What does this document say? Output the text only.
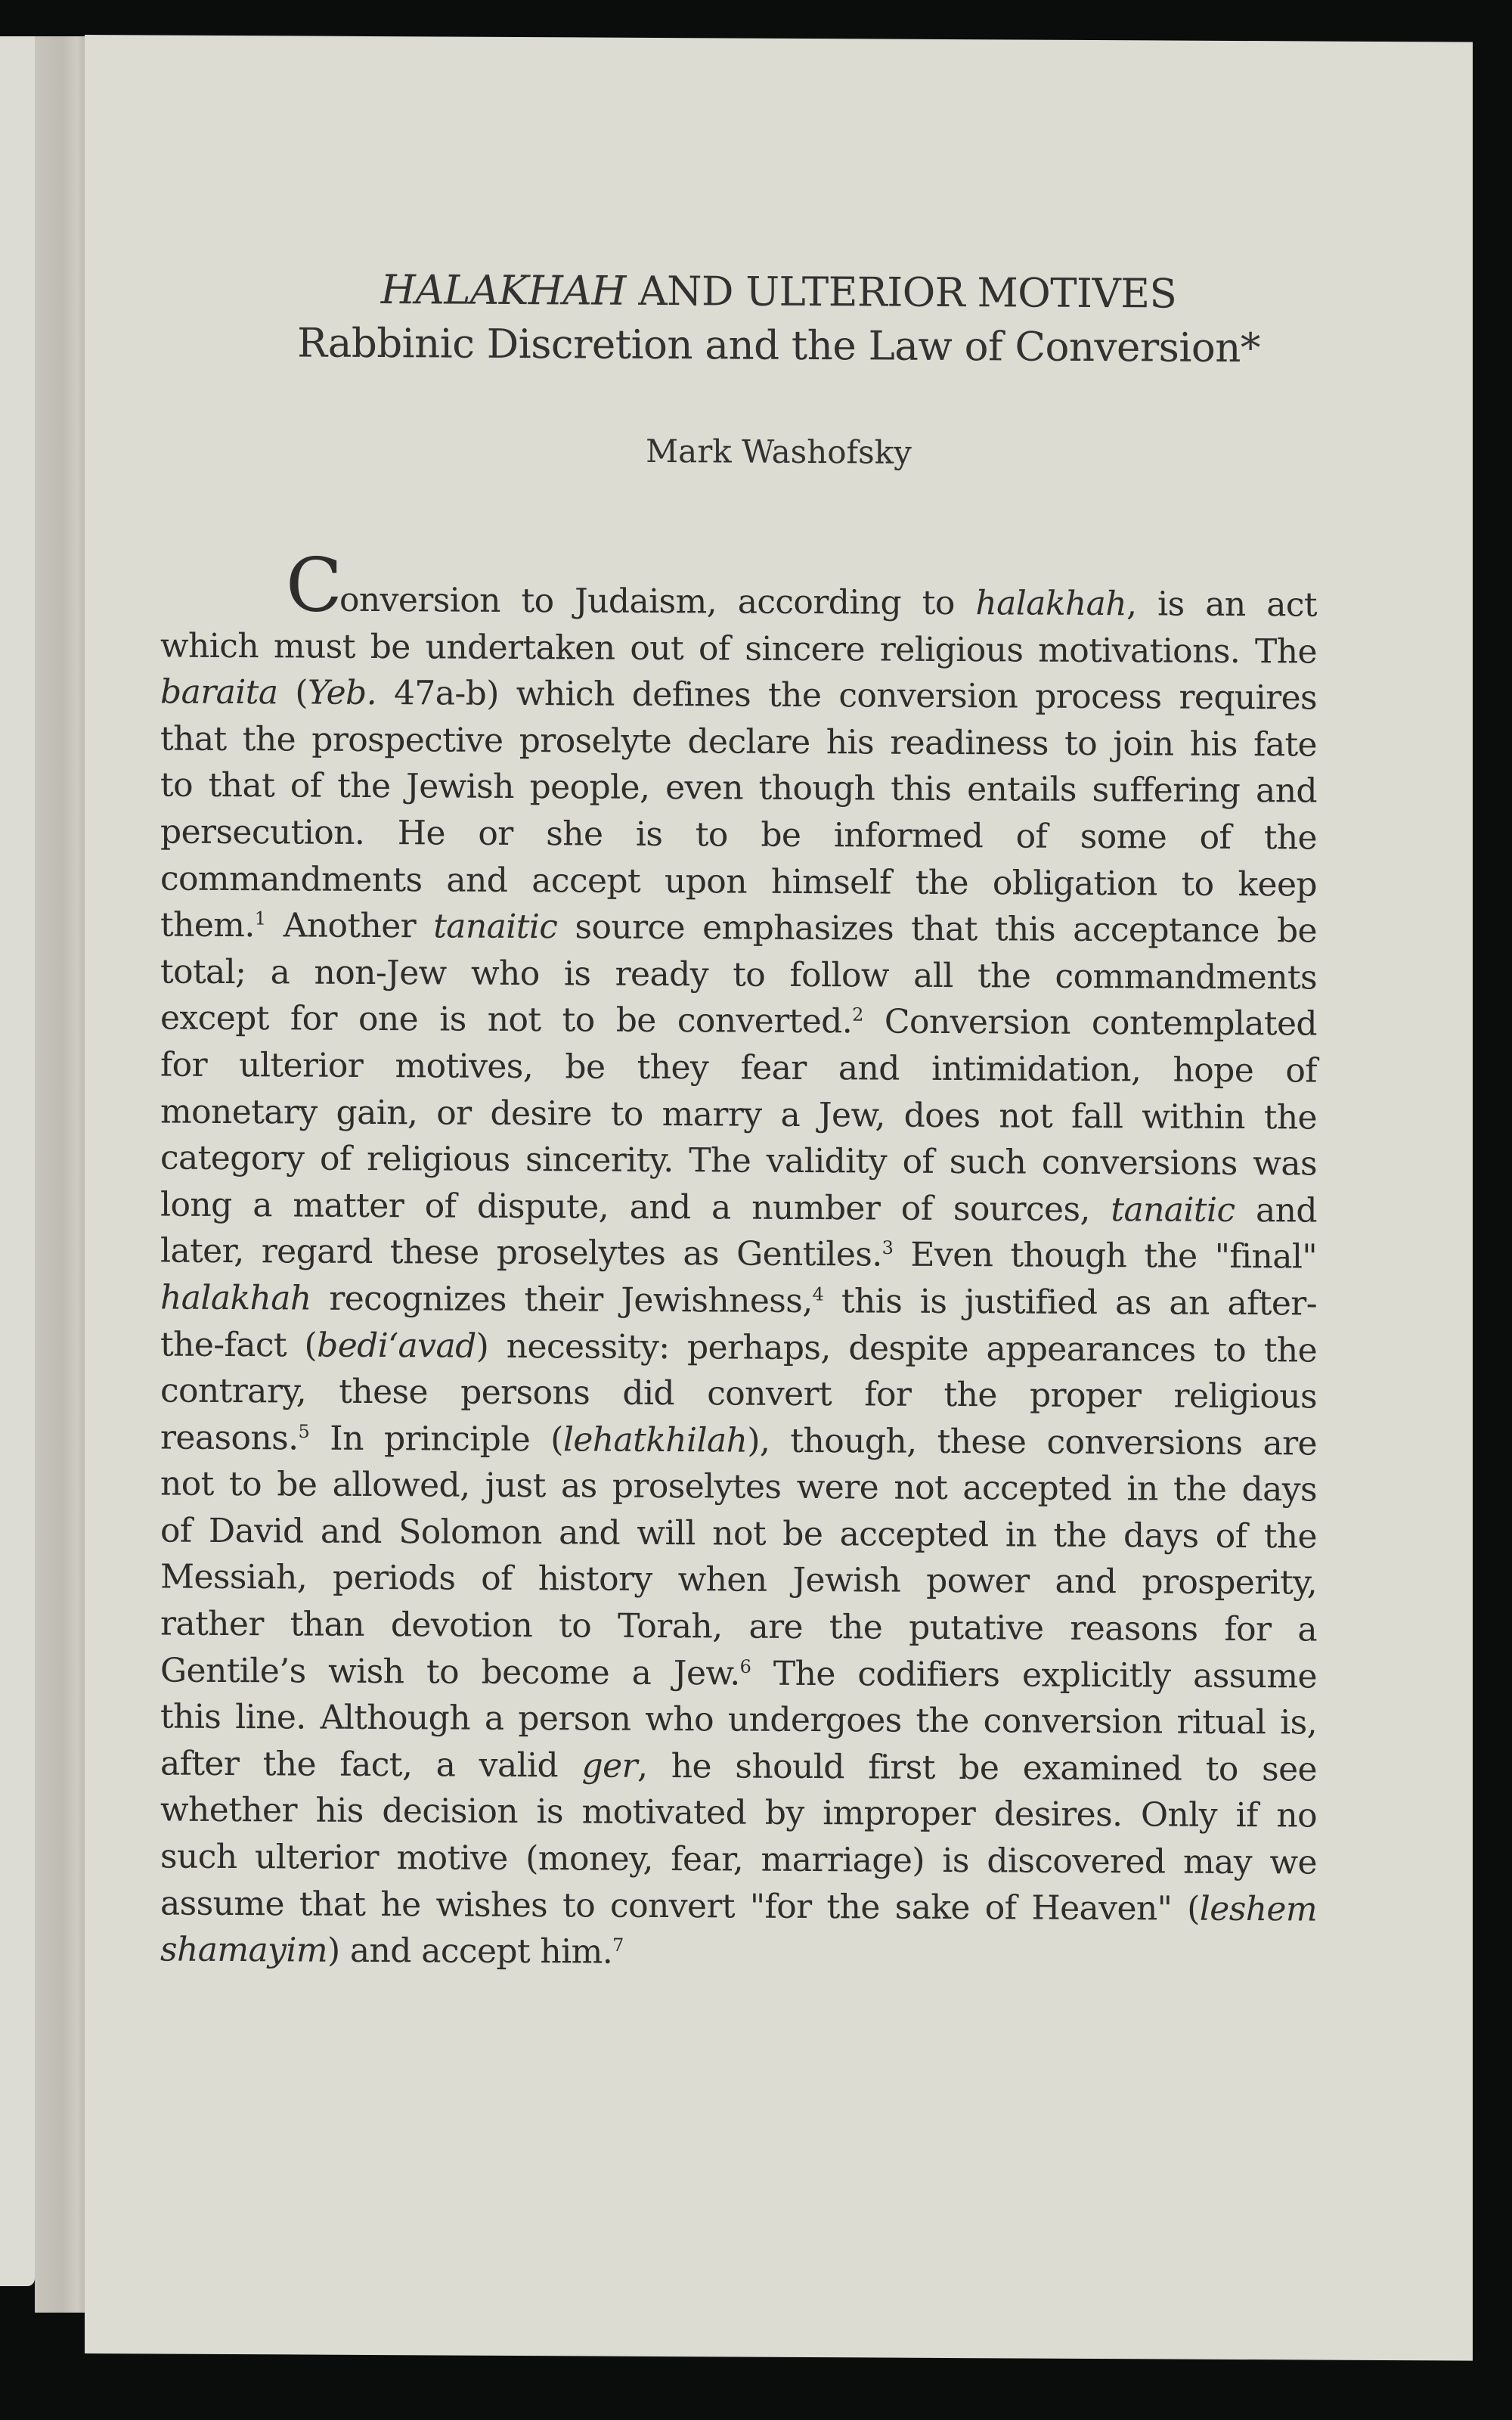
HALAKHAH AND ULTERIOR MOTIVES
Rabbinic Discretion and the Law of Conversion*
Mark Washofsky
Conversion to Judaism, according to halakhah, is an act
which must be undertaken out of sincere religious motivations. The
baraita (Yeb. 47a-b) which defines the conversion process requires
that the prospective proselyte declare his readiness to join his fate
to that of the Jewish people, even though this entails suffering and
persecution. He or she is to be informed of some of the
commandments and accept upon himself the obligation to keep
them.$^1$ Another tanaitic source emphasizes that this acceptance be
total; a non-Jew who is ready to follow all the commandments
except for one is not to be converted.$^2$ Conversion contemplated
for ulterior motives, be they fear and intimidation, hope of
monetary gain, or desire to marry a Jew, does not fall within the
category of religious sincerity. The validity of such conversions was
long a matter of dispute, and a number of sources, tanaitic and
later, regard these proselytes as Gentiles.$^3$ Even though the "final"
halakhah recognizes their Jewishness,$^4$ this is justified as an after-
the-fact (bedi‘avad) necessity: perhaps, despite appearances to the
contrary, these persons did convert for the proper religious
reasons.$^5$ In principle (lehatkhilah), though, these conversions are
not to be allowed, just as proselytes were not accepted in the days
of David and Solomon and will not be accepted in the days of the
Messiah, periods of history when Jewish power and prosperity,
rather than devotion to Torah, are the putative reasons for a
Gentile’s wish to become a Jew.$^6$ The codifiers explicitly assume
this line. Although a person who undergoes the conversion ritual is,
after the fact, a valid ger, he should first be examined to see
whether his decision is motivated by improper desires. Only if no
such ulterior motive (money, fear, marriage) is discovered may we
assume that he wishes to convert "for the sake of Heaven" (leshem
shamayim) and accept him.$^7$
